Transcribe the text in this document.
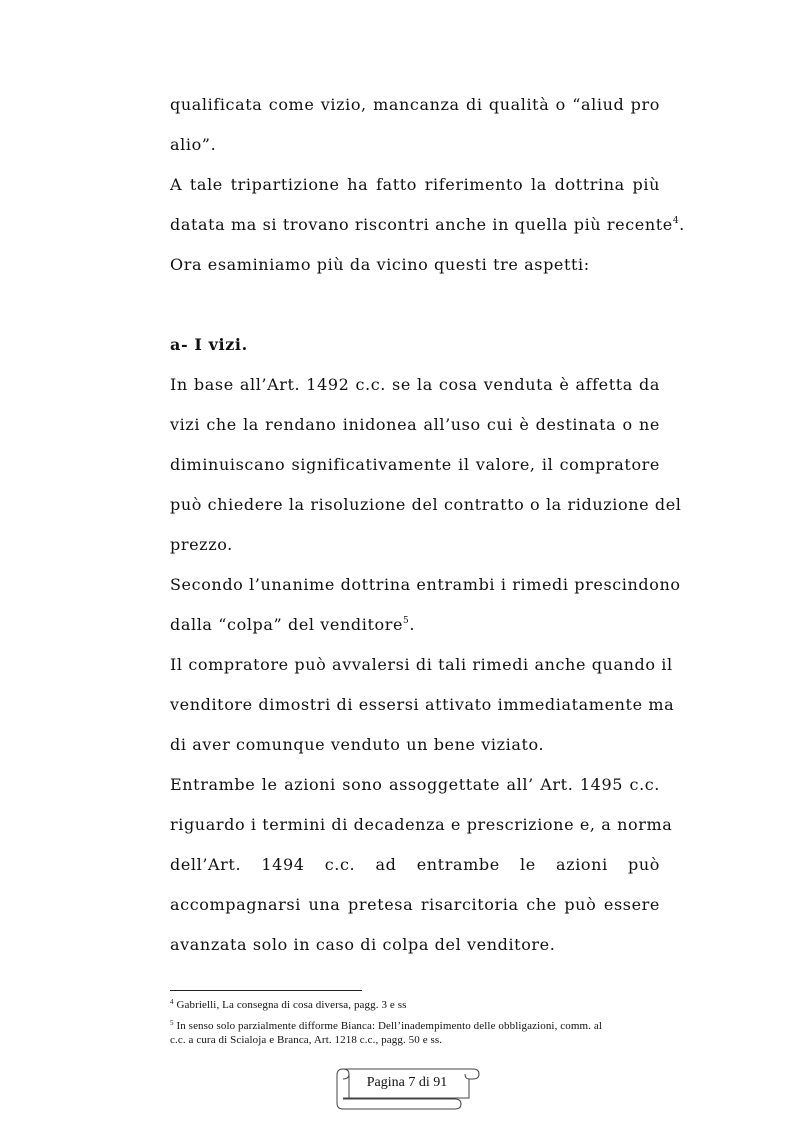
qualificata come vizio, mancanza di qualità o “aliud pro
alio”.
A tale tripartizione ha fatto riferimento la dottrina più
datata ma si trovano riscontri anche in quella più recente$^4$.
Ora esaminiamo più da vicino questi tre aspetti:
a- I vizi.
In base all’Art. 1492 c.c. se la cosa venduta è affetta da
vizi che la rendano inidonea all’uso cui è destinata o ne
diminuiscano significativamente il valore, il compratore
può chiedere la risoluzione del contratto o la riduzione del
prezzo.
Secondo l’unanime dottrina entrambi i rimedi prescindono
dalla “colpa” del venditore$^5$.
Il compratore può avvalersi di tali rimedi anche quando il
venditore dimostri di essersi attivato immediatamente ma
di aver comunque venduto un bene viziato.
Entrambe le azioni sono assoggettate all’ Art. 1495 c.c.
riguardo i termini di decadenza e prescrizione e, a norma
dell’Art. 1494 c.c. ad entrambe le azioni può
accompagnarsi una pretesa risarcitoria che può essere
avanzata solo in caso di colpa del venditore.
$^4$ Gabrielli, La consegna di cosa diversa, pagg. 3 e ss
$^5$ In senso solo parzialmente difforme Bianca: Dell’inadempimento delle obbligazioni, comm. al
c.c. a cura di Scialoja e Branca, Art. 1218 c.c., pagg. 50 e ss.
Pagina 7 di 91
